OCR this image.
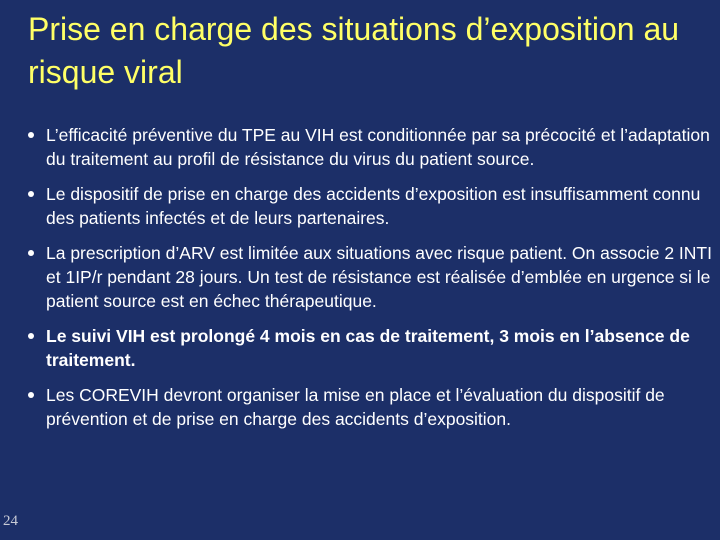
Prise en charge des situations d’exposition au risque viral
L’efficacité préventive du TPE au VIH est conditionnée par sa précocité et l’adaptation du traitement au profil de résistance du virus du patient source.
Le dispositif de prise en charge des accidents d’exposition est insuffisamment connu des patients infectés et de leurs partenaires.
La prescription d’ARV est limitée aux situations avec risque patient. On associe 2 INTI et 1IP/r pendant 28 jours. Un test de résistance est réalisée d’emblée en urgence si le patient source est en échec thérapeutique.
Le suivi VIH est prolongé 4 mois en cas de traitement, 3 mois en l’absence de traitement.
Les COREVIH devront organiser la mise en place et l’évaluation du dispositif de prévention et de prise en charge des accidents d’exposition.
24
